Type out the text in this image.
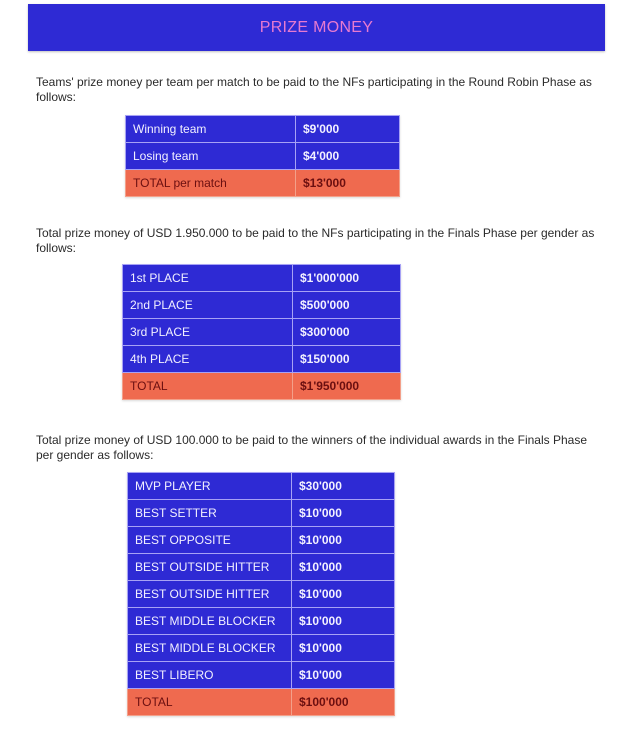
PRIZE MONEY
Teams' prize money per team per match to be paid to the NFs participating in the Round Robin Phase as follows:
Winning team	$9'000
Losing team	$4'000
TOTAL per match	$13'000
Total prize money of USD 1.950.000 to be paid to the NFs participating in the Finals Phase per gender as follows:
1st PLACE	$1'000'000
2nd PLACE	$500'000
3rd PLACE	$300'000
4th PLACE	$150'000
TOTAL	$1'950'000
Total prize money of USD 100.000 to be paid to the winners of the individual awards in the Finals Phase per gender as follows:
MVP PLAYER	$30'000
BEST SETTER	$10'000
BEST OPPOSITE	$10'000
BEST OUTSIDE HITTER	$10'000
BEST OUTSIDE HITTER	$10'000
BEST MIDDLE BLOCKER	$10'000
BEST MIDDLE BLOCKER	$10'000
BEST LIBERO	$10'000
TOTAL	$100'000
